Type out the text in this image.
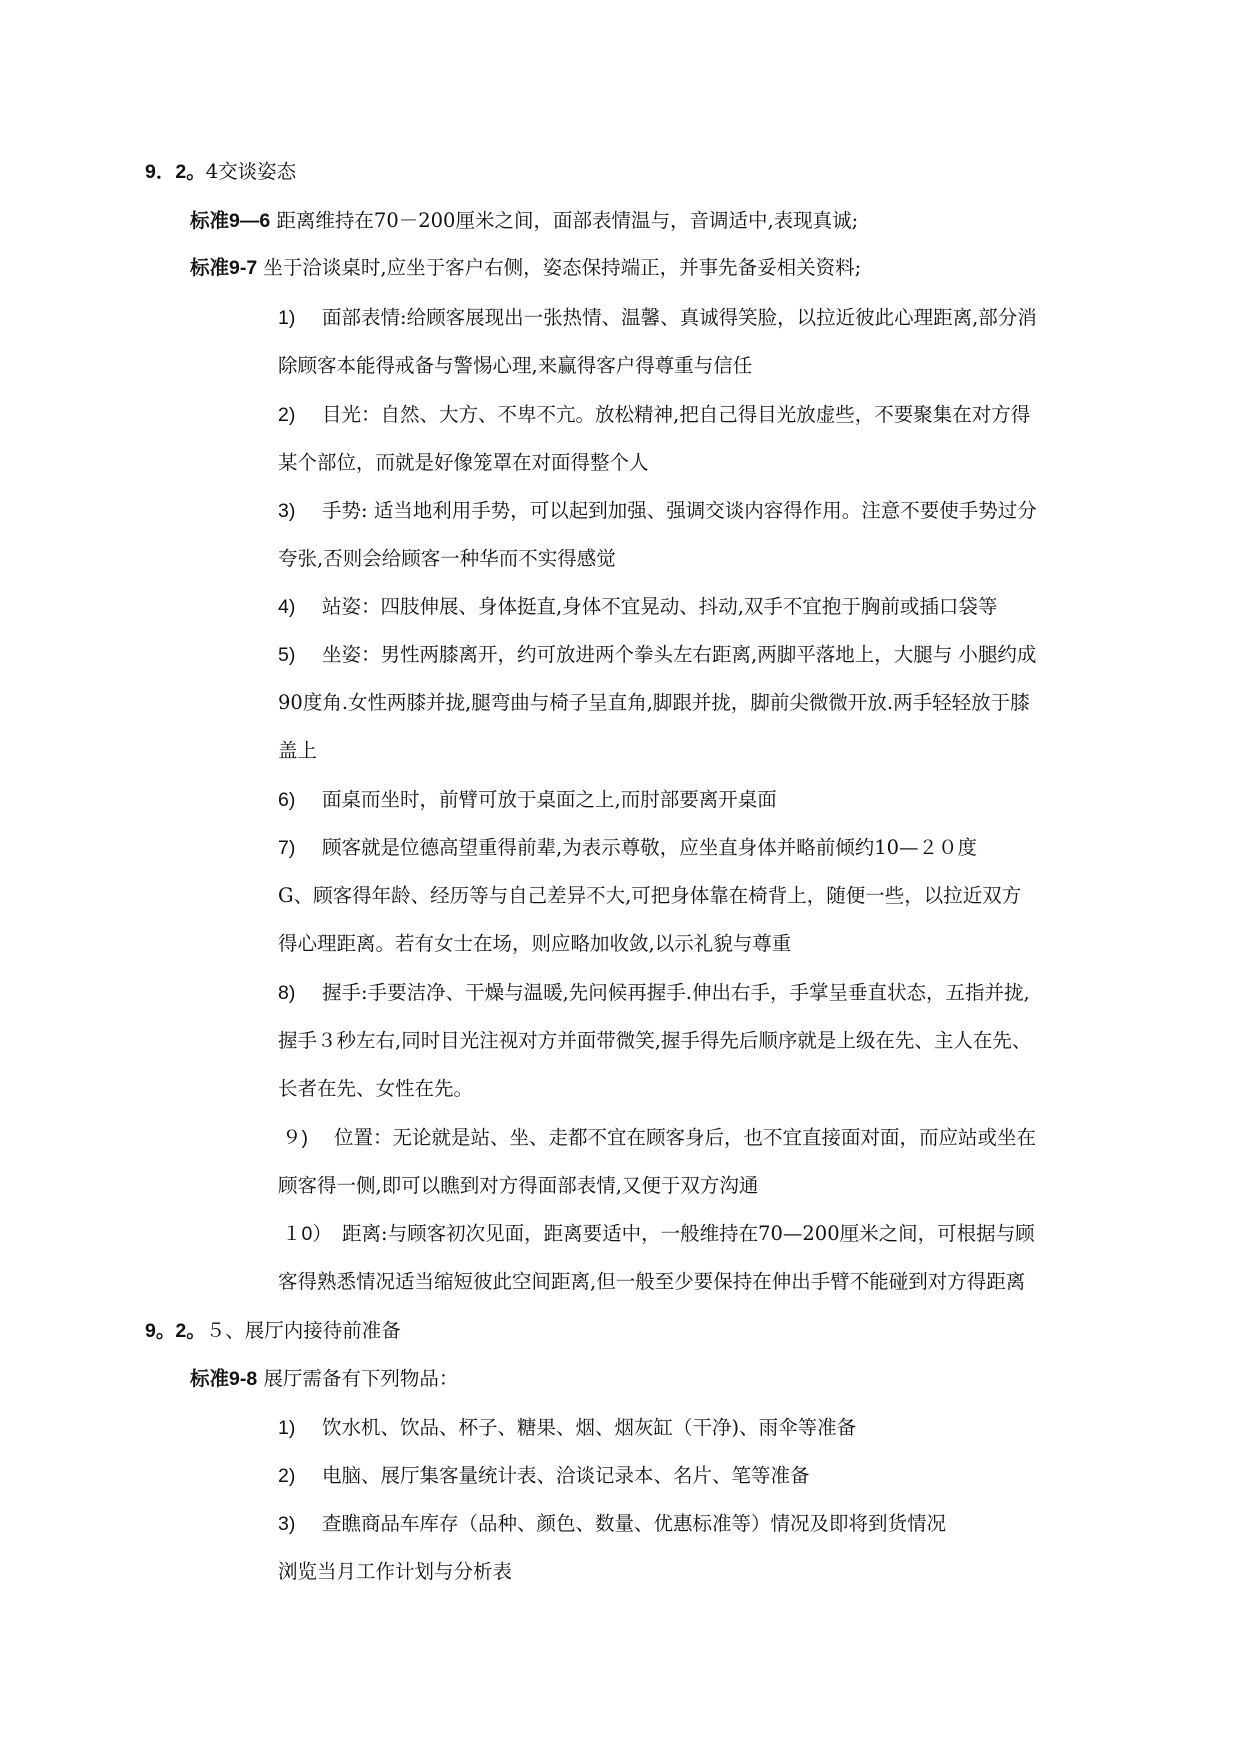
9．2。4交谈姿态
标准9—6 距离维持在70－200厘米之间，面部表情温与，音调适中,表现真诚;
标准9-7 坐于洽谈桌时,应坐于客户右侧，姿态保持端正，并事先备妥相关资料;
1) 面部表情:给顾客展现出一张热情、温馨、真诚得笑脸，以拉近彼此心理距离,部分消
除顾客本能得戒备与警惕心理,来赢得客户得尊重与信任
2) 目光：自然、大方、不卑不亢。放松精神,把自己得目光放虚些，不要聚集在对方得
某个部位，而就是好像笼罩在对面得整个人
3) 手势: 适当地利用手势，可以起到加强、强调交谈内容得作用。注意不要使手势过分
夸张,否则会给顾客一种华而不实得感觉
4) 站姿：四肢伸展、身体挺直,身体不宜晃动、抖动,双手不宜抱于胸前或插口袋等
5) 坐姿：男性两膝离开，约可放进两个拳头左右距离,两脚平落地上，大腿与 小腿约成
90度角.女性两膝并拢,腿弯曲与椅子呈直角,脚跟并拢，脚前尖微微开放.两手轻轻放于膝
盖上
6) 面桌而坐时，前臂可放于桌面之上,而肘部要离开桌面
7) 顾客就是位德高望重得前辈,为表示尊敬，应坐直身体并略前倾约10—２０度
G、顾客得年龄、经历等与自己差异不大,可把身体靠在椅背上，随便一些，以拉近双方
得心理距离。若有女士在场，则应略加收敛,以示礼貌与尊重
8) 握手:手要洁净、干燥与温暖,先问候再握手.伸出右手，手掌呈垂直状态，五指并拢,
握手３秒左右,同时目光注视对方并面带微笑,握手得先后顺序就是上级在先、主人在先、
长者在先、女性在先。
９) 位置：无论就是站、坐、走都不宜在顾客身后，也不宜直接面对面，而应站或坐在
顾客得一侧,即可以瞧到对方得面部表情,又便于双方沟通
１0） 距离:与顾客初次见面，距离要适中，一般维持在70—200厘米之间，可根据与顾
客得熟悉情况适当缩短彼此空间距离,但一般至少要保持在伸出手臂不能碰到对方得距离
9。2。５、展厅内接待前准备
标准9-8 展厅需备有下列物品：
1) 饮水机、饮品、杯子、糖果、烟、烟灰缸（干净)、雨伞等准备
2) 电脑、展厅集客量统计表、洽谈记录本、名片、笔等准备
3) 查瞧商品车库存（品种、颜色、数量、优惠标准等）情况及即将到货情况
浏览当月工作计划与分析表
